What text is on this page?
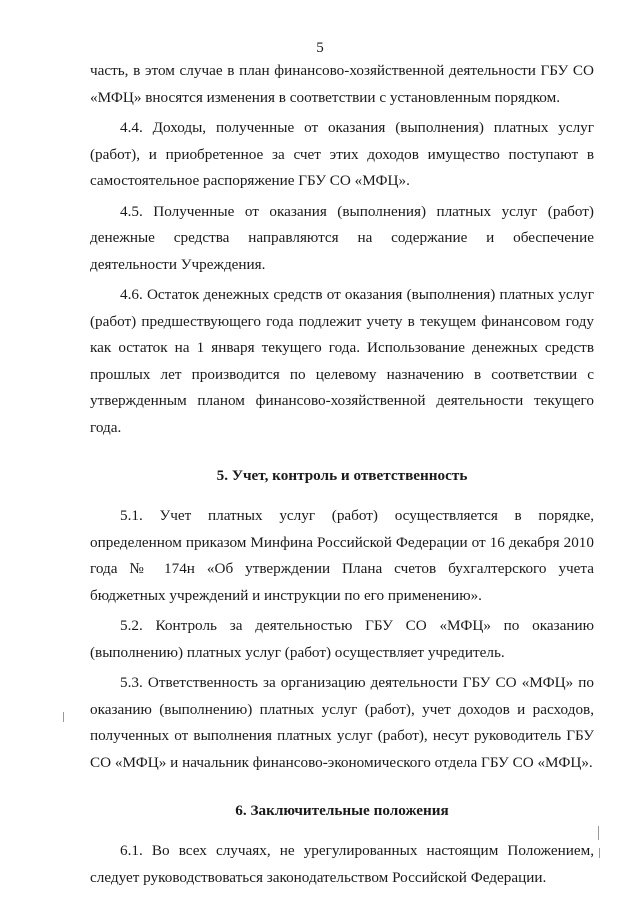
5

часть, в этом случае в план финансово-хозяйственной деятельности ГБУ СО «МФЦ» вносятся изменения в соответствии с установленным порядком.

4.4. Доходы, полученные от оказания (выполнения) платных услуг (работ), и приобретенное за счет этих доходов имущество поступают в самостоятельное распоряжение ГБУ СО «МФЦ».

4.5. Полученные от оказания (выполнения) платных услуг (работ) денежные средства направляются на содержание и обеспечение деятельности Учреждения.

4.6. Остаток денежных средств от оказания (выполнения) платных услуг (работ) предшествующего года подлежит учету в текущем финансовом году как остаток на 1 января текущего года. Использование денежных средств прошлых лет производится по целевому назначению в соответствии с утвержденным планом финансово-хозяйственной деятельности текущего года.

5. Учет, контроль и ответственность

5.1. Учет платных услуг (работ) осуществляется в порядке, определенном приказом Минфина Российской Федерации от 16 декабря 2010 года № 174н «Об утверждении Плана счетов бухгалтерского учета бюджетных учреждений и инструкции по его применению».

5.2. Контроль за деятельностью ГБУ СО «МФЦ» по оказанию (выполнению) платных услуг (работ) осуществляет учредитель.

5.3. Ответственность за организацию деятельности ГБУ СО «МФЦ» по оказанию (выполнению) платных услуг (работ), учет доходов и расходов, полученных от выполнения платных услуг (работ), несут руководитель ГБУ СО «МФЦ» и начальник финансово-экономического отдела ГБУ СО «МФЦ».

6. Заключительные положения

6.1. Во всех случаях, не урегулированных настоящим Положением, следует руководствоваться законодательством Российской Федерации.
